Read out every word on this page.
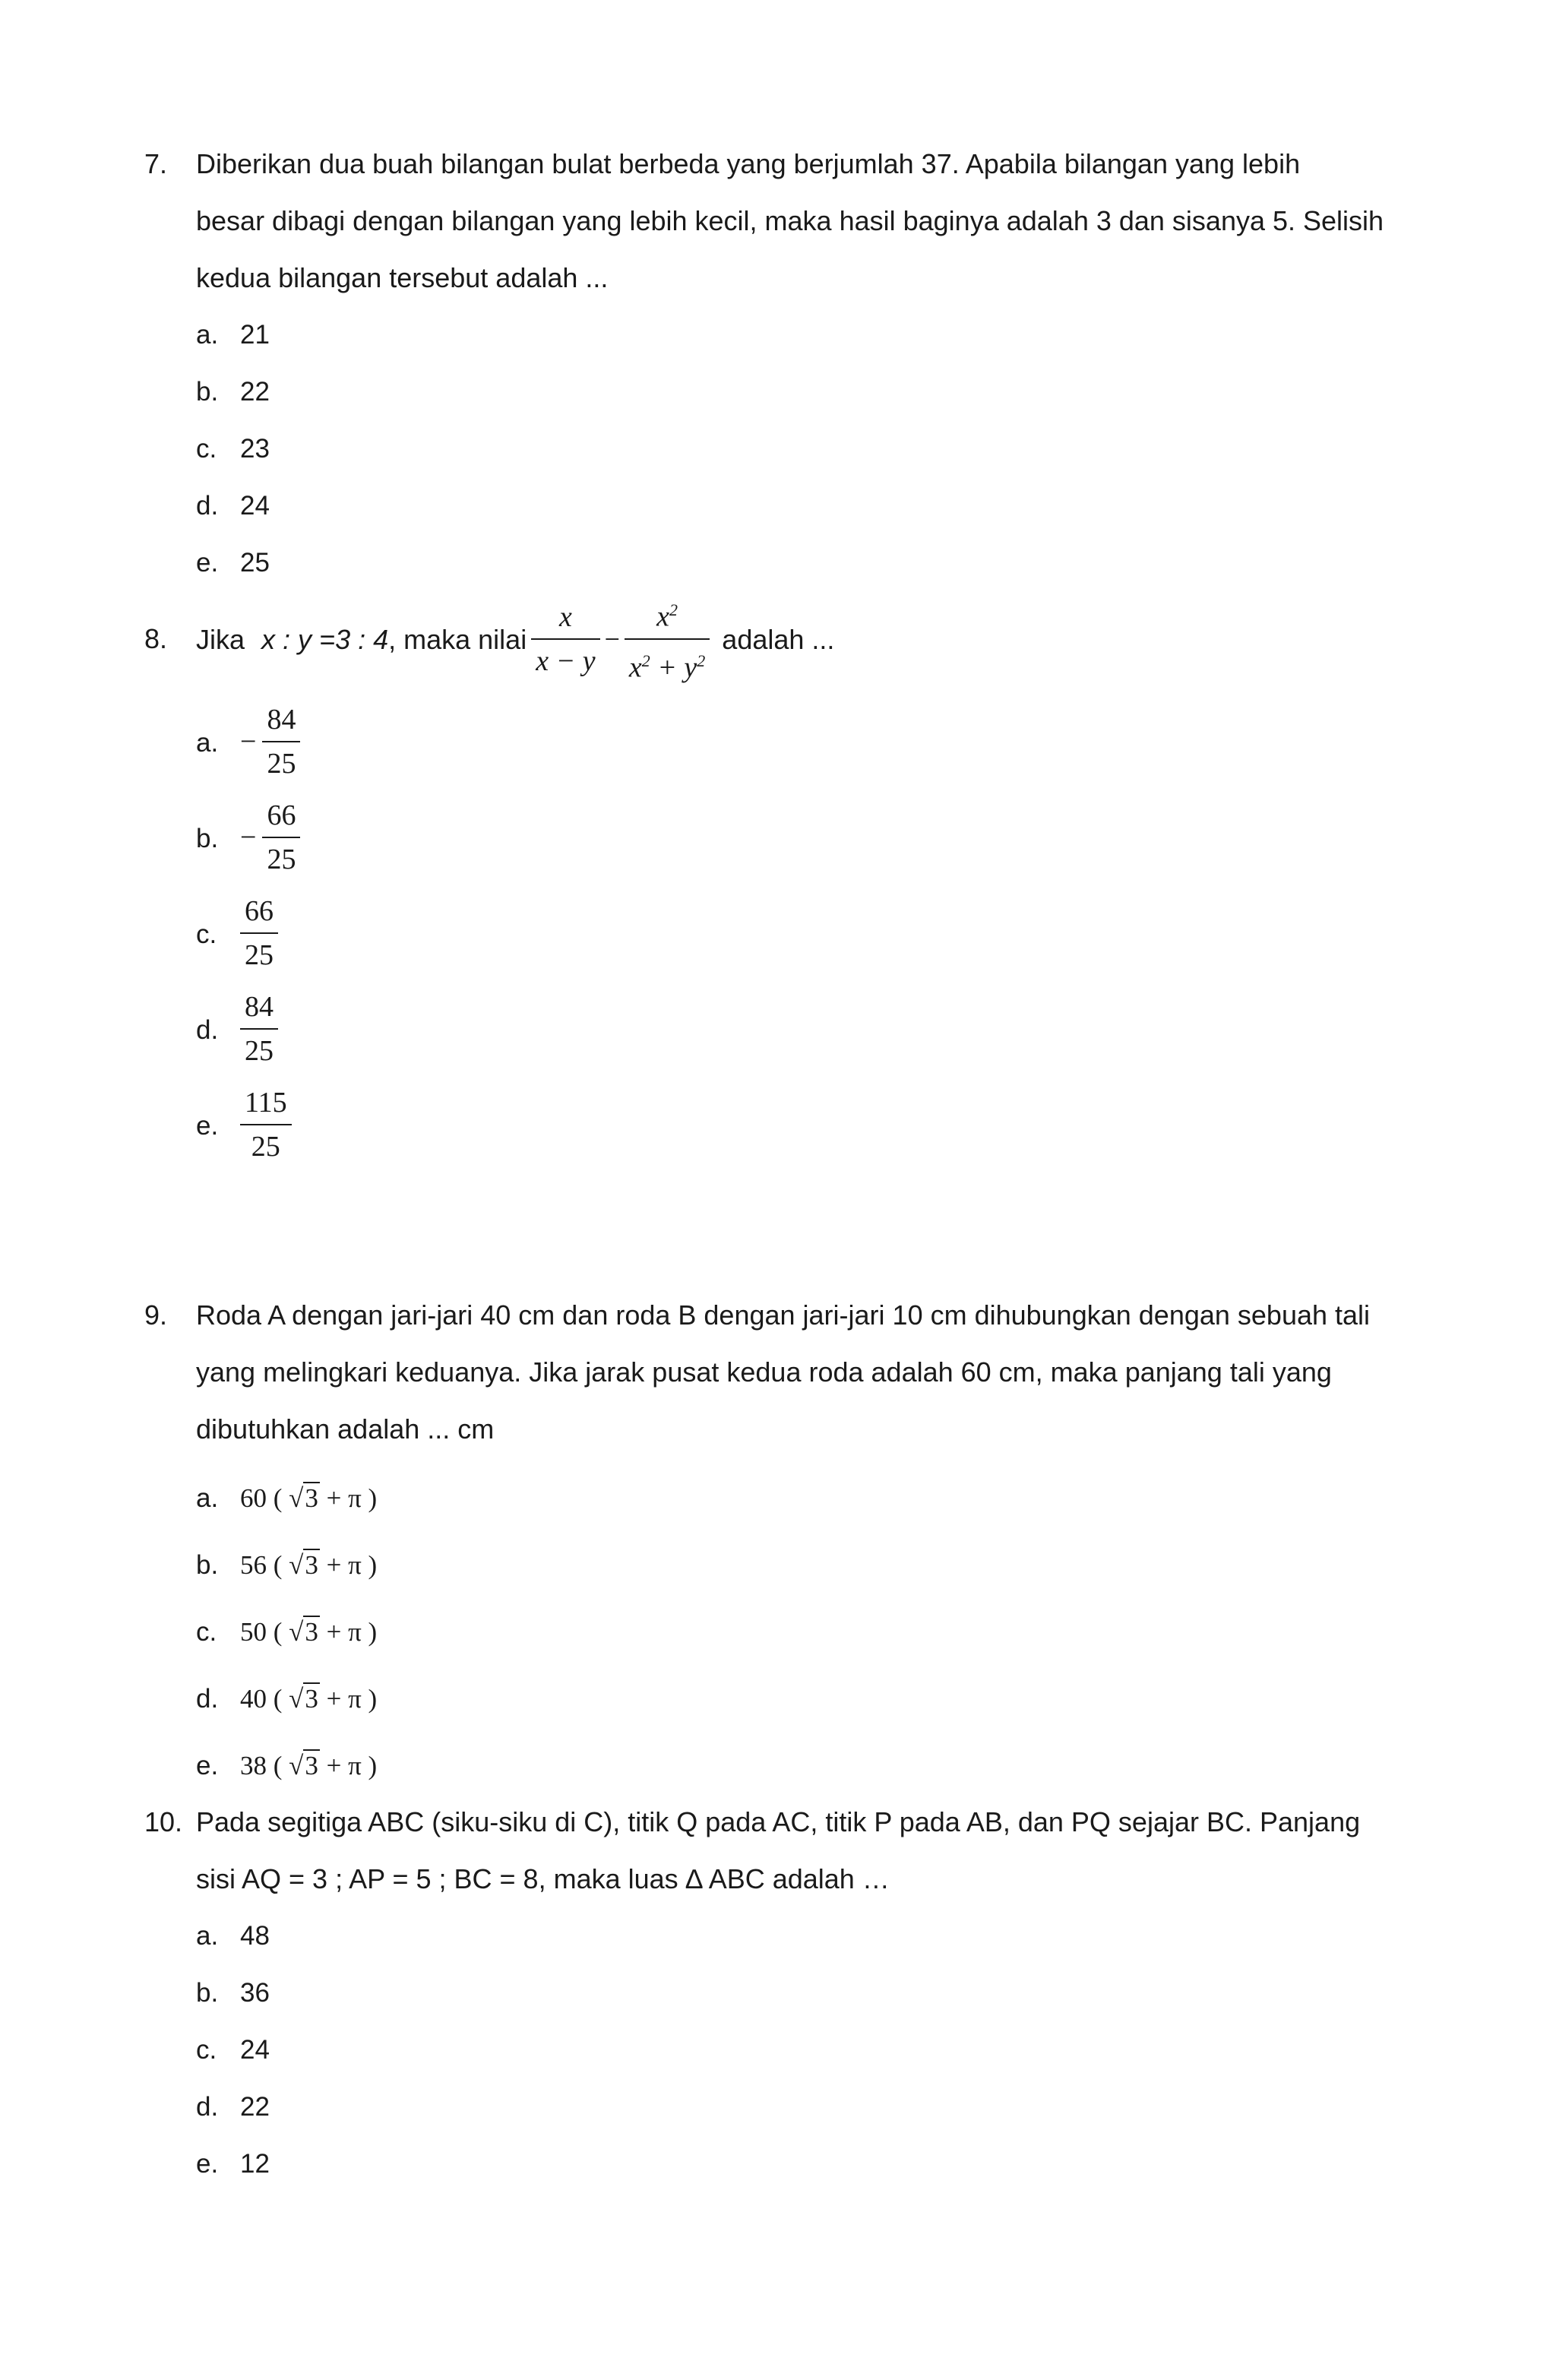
7. Diberikan dua buah bilangan bulat berbeda yang berjumlah 37. Apabila bilangan yang lebih
besar dibagi dengan bilangan yang lebih kecil, maka hasil baginya adalah 3 dan sisanya 5. Selisih
kedua bilangan tersebut adalah ...
a. 21
b. 22
c. 23
d. 24
e. 25
8. Jika x : y =3 : 4 , maka nilai $\frac{x}{x - y} - \frac{x^2}{x^2 + y^2}$ adalah ...
a. − $\frac{84}{25}$
b. − $\frac{66}{25}$
c. $\frac{66}{25}$
d. $\frac{84}{25}$
e. $\frac{115}{25}$
9. Roda A dengan jari-jari 40 cm dan roda B dengan jari-jari 10 cm dihubungkan dengan sebuah tali
yang melingkari keduanya. Jika jarak pusat kedua roda adalah 60 cm, maka panjang tali yang
dibutuhkan adalah ... cm
a. 60 ( √3 + π )
b. 56 ( √3 + π )
c. 50 ( √3 + π )
d. 40 ( √3 + π )
e. 38 ( √3 + π )
10. Pada segitiga ABC (siku-siku di C), titik Q pada AC, titik P pada AB, dan PQ sejajar BC. Panjang
sisi AQ = 3 ; AP = 5 ; BC = 8, maka luas ∆ ABC adalah …
a. 48
b. 36
c. 24
d. 22
e. 12
